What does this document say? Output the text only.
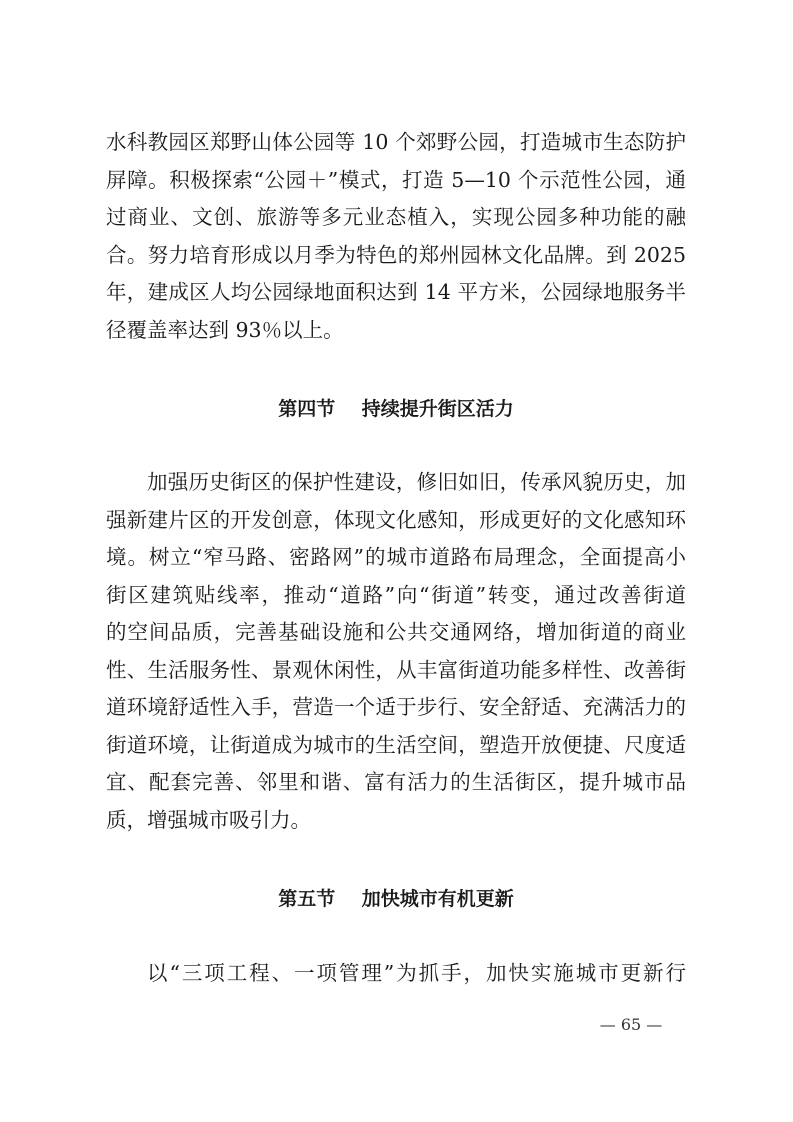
水科教园区郑野山体公园等 10 个郊野公园，打造城市生态防护
屏障。积极探索“公园＋”模式，打造 5—10 个示范性公园，通
过商业、文创、旅游等多元业态植入，实现公园多种功能的融
合。努力培育形成以月季为特色的郑州园林文化品牌。到 2025
年，建成区人均公园绿地面积达到 14 平方米，公园绿地服务半
径覆盖率达到 93％以上。
第四节    持续提升街区活力
加强历史街区的保护性建设，修旧如旧，传承风貌历史，加
强新建片区的开发创意，体现文化感知，形成更好的文化感知环
境。树立“窄马路、密路网”的城市道路布局理念，全面提高小
街区建筑贴线率，推动“道路”向“街道”转变，通过改善街道
的空间品质，完善基础设施和公共交通网络，增加街道的商业
性、生活服务性、景观休闲性，从丰富街道功能多样性、改善街
道环境舒适性入手，营造一个适于步行、安全舒适、充满活力的
街道环境，让街道成为城市的生活空间，塑造开放便捷、尺度适
宜、配套完善、邻里和谐、富有活力的生活街区，提升城市品
质，增强城市吸引力。
第五节    加快城市有机更新
以“三项工程、一项管理”为抓手，加快实施城市更新行
— 65 —
